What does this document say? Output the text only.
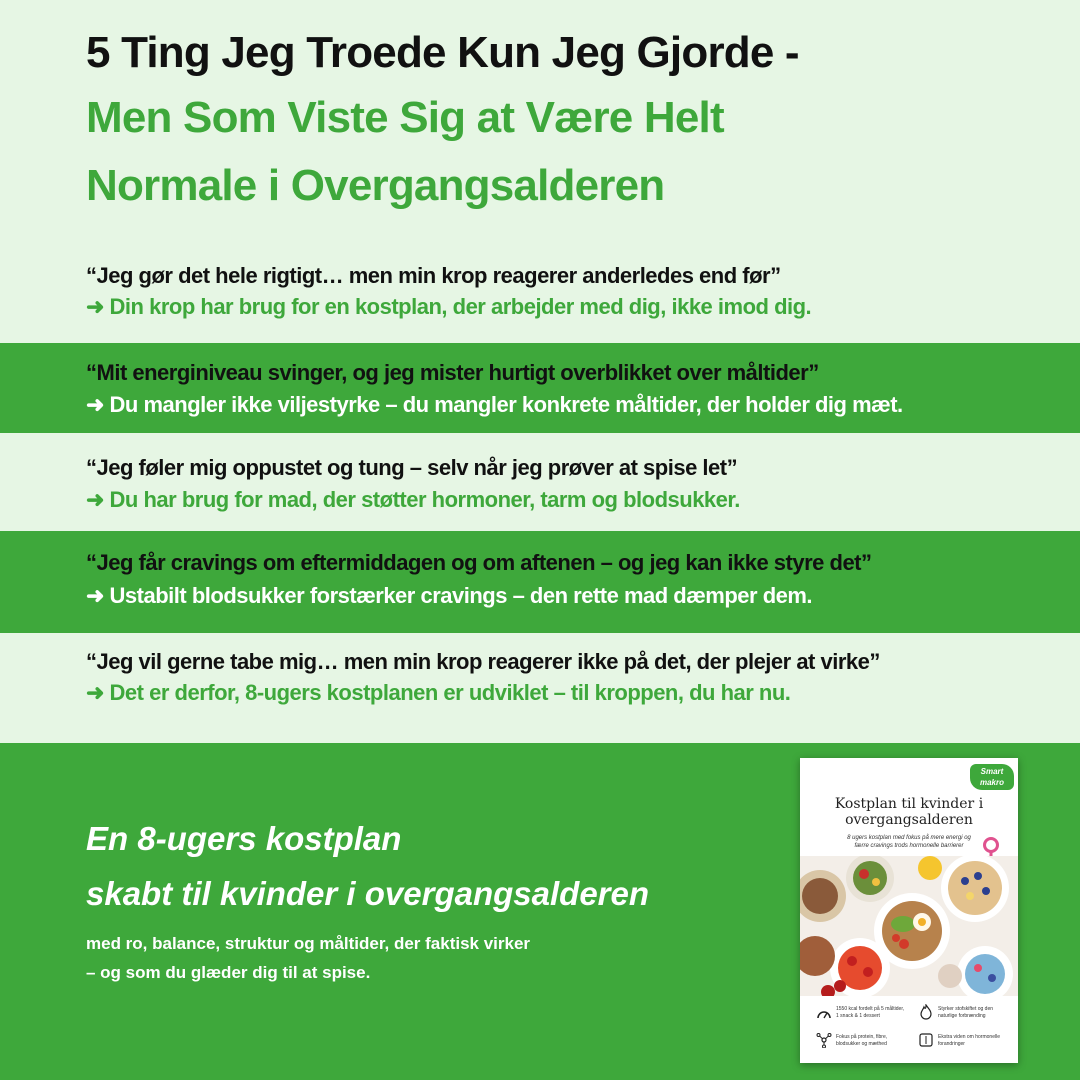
5 Ting Jeg Troede Kun Jeg Gjorde -
Men Som Viste Sig at Være Helt
Normale i Overgangsalderen
“Jeg gør det hele rigtigt… men min krop reagerer anderledes end før”
➜ Din krop har brug for en kostplan, der arbejder med dig, ikke imod dig.
“Mit energiniveau svinger, og jeg mister hurtigt overblikket over måltider”
➜ Du mangler ikke viljestyrke – du mangler konkrete måltider, der holder dig mæt.
“Jeg føler mig oppustet og tung – selv når jeg prøver at spise let”
➜ Du har brug for mad, der støtter hormoner, tarm og blodsukker.
“Jeg får cravings om eftermiddagen og om aftenen – og jeg kan ikke styre det”
➜ Ustabilt blodsukker forstærker cravings – den rette mad dæmper dem.
“Jeg vil gerne tabe mig… men min krop reagerer ikke på det, der plejer at virke”
➜ Det er derfor, 8-ugers kostplanen er udviklet – til kroppen, du har nu.
En 8-ugers kostplan
skabt til kvinder i overgangsalderen
med ro, balance, struktur og måltider, der faktisk virker
– og som du glæder dig til at spise.
Smart
makro
Kostplan til kvinder i
overgangsalderen
8 ugers kostplan med fokus på mere energi og
færre cravings trods hormonelle barrierer
1550 kcal fordelt på 5 måltider, 1 snack & 1 dessert
Styrker stofskiftet og den naturlige forbrænding
Fokus på protein, fibre, blodsukker og mæthed
Ekstra viden om hormonelle forandringer
